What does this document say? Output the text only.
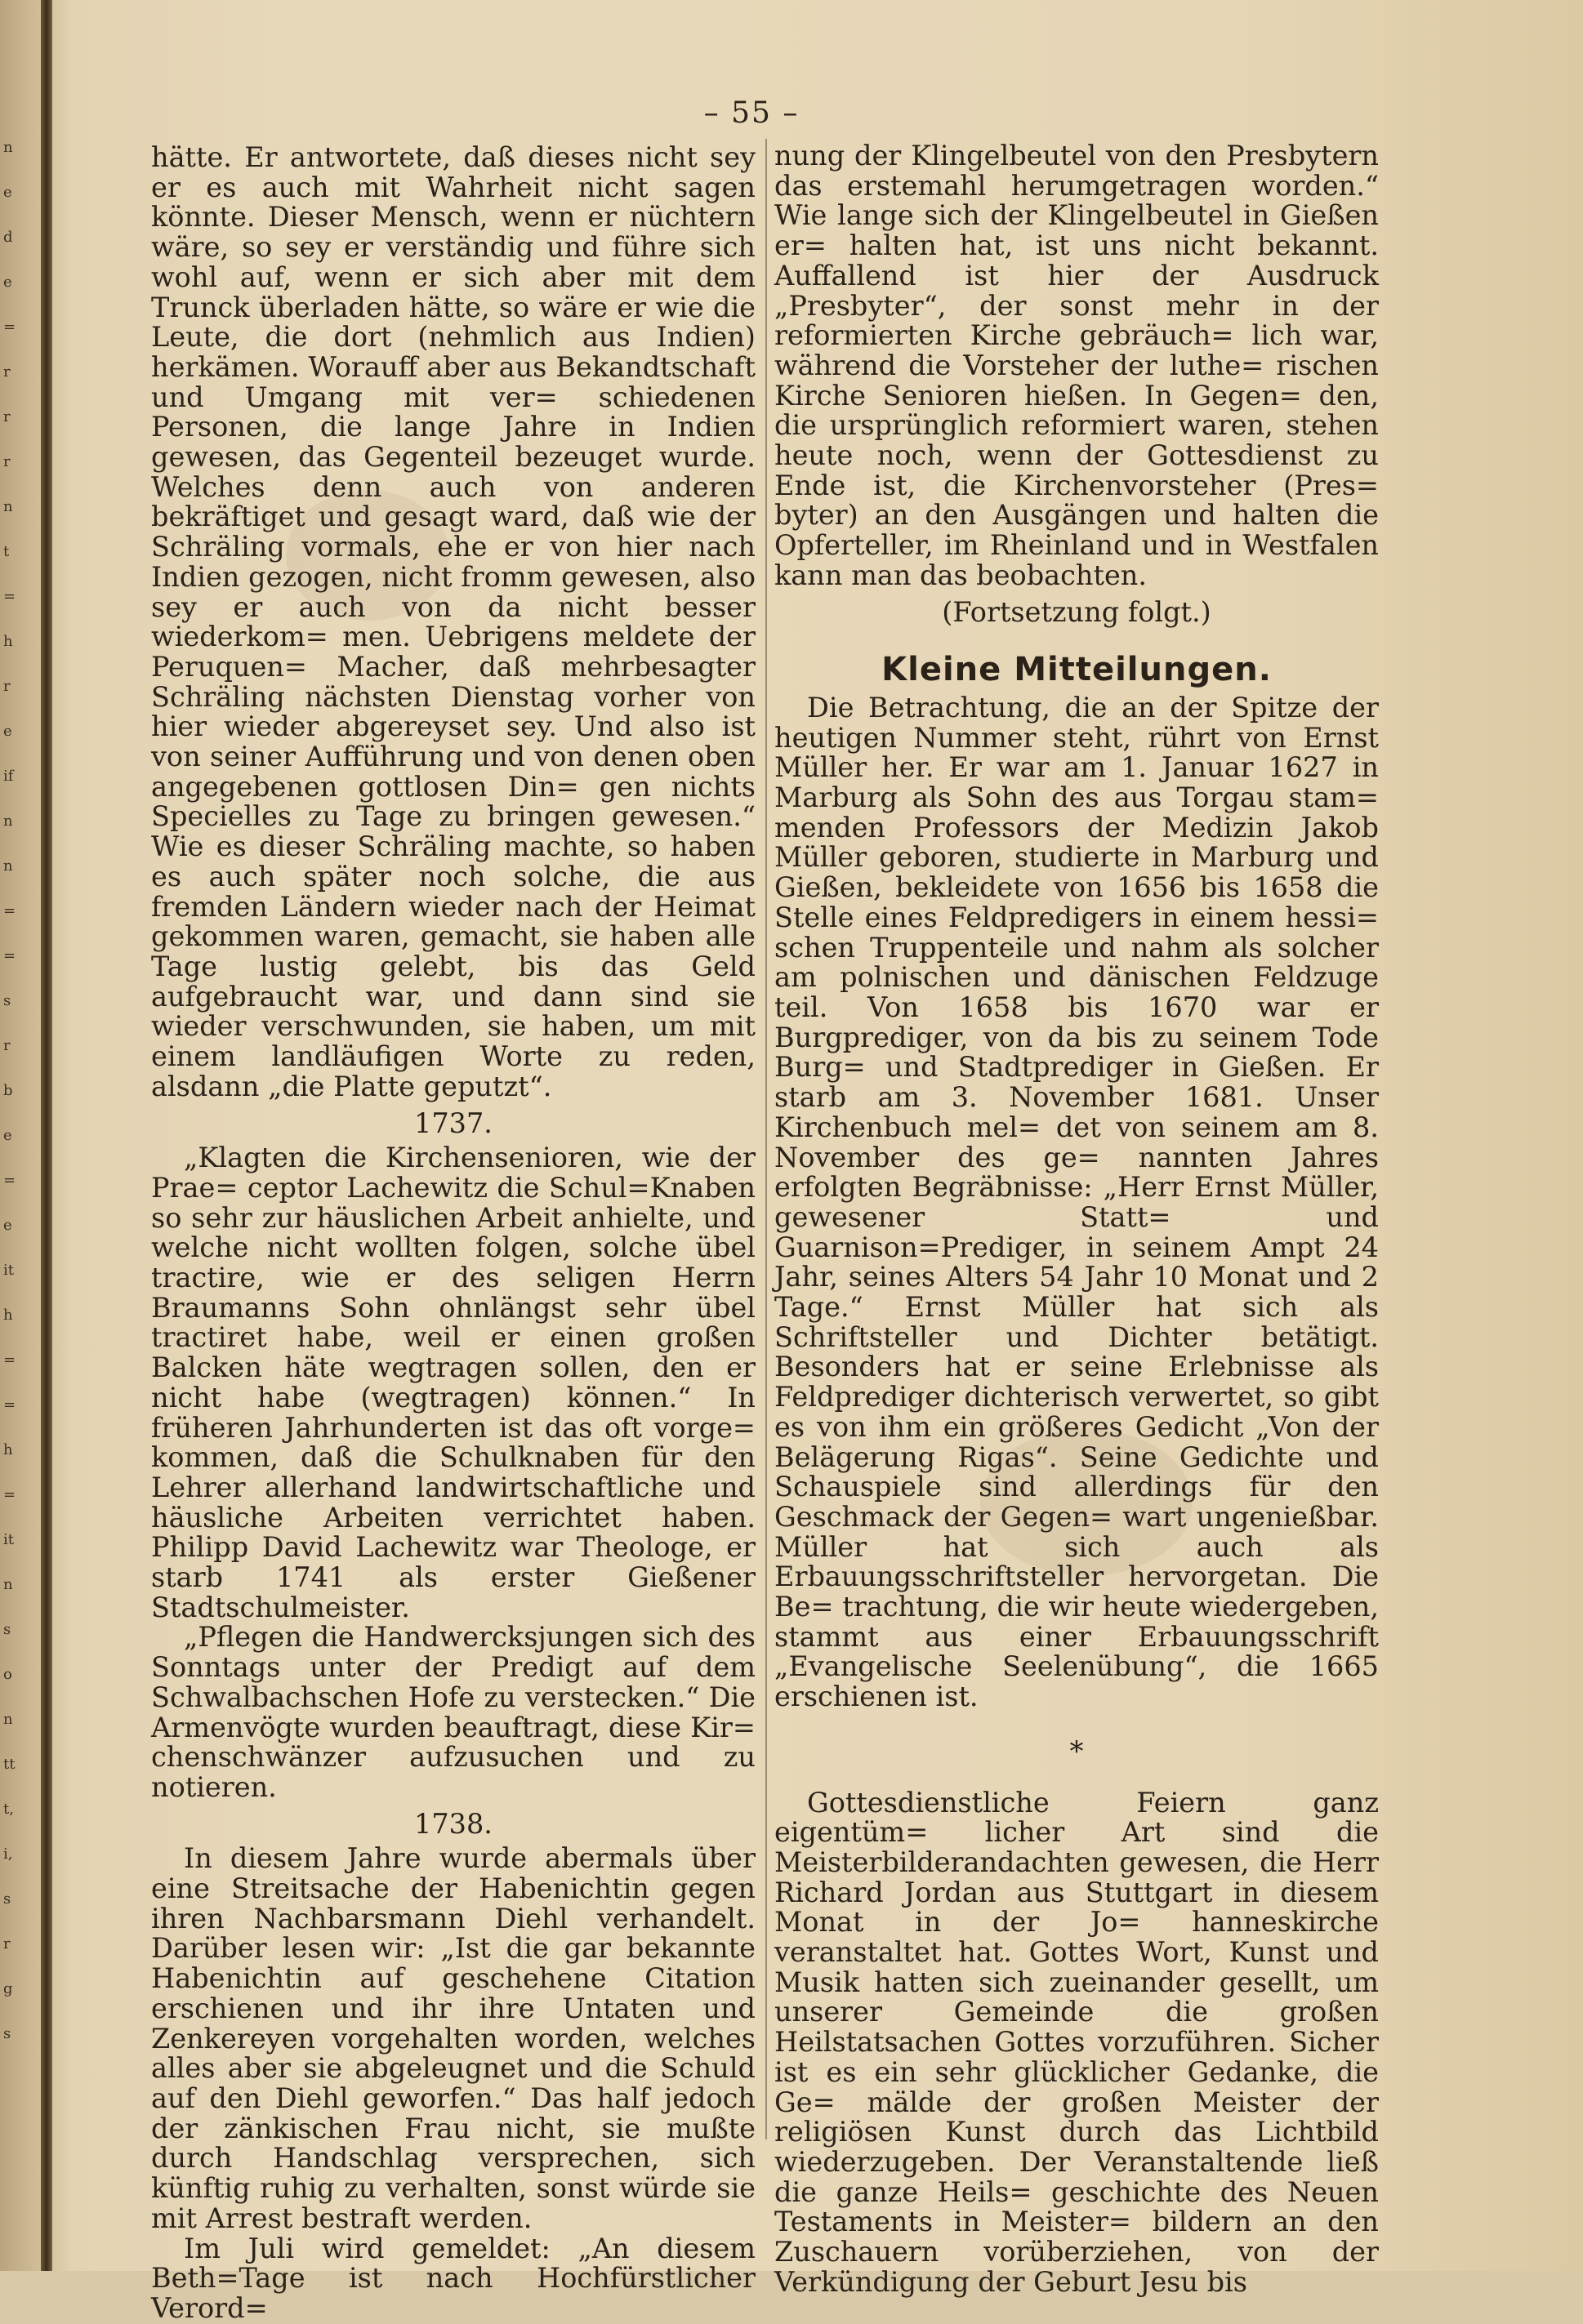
n
e
d
e
=
r
r
r
n
t
=
h
r
e
if
n
n
=
=
s
r
b
e
=
e
it
h
=
=
h
=
it
n
s
o
n
tt
t,
i,
s
r
g
s
– 55 –

hätte. Er antwortete, daß dieses nicht sey er es auch mit Wahrheit nicht sagen könnte. Dieser Mensch, wenn er nüchtern wäre, so sey er verständig und führe sich wohl auf, wenn er sich aber mit dem Trunck überladen hätte, so wäre er wie die Leute, die dort (nehmlich aus Indien) herkämen. Worauff aber aus Bekandtschaft und Umgang mit ver= schiedenen Personen, die lange Jahre in Indien gewesen, das Gegenteil bezeuget wurde. Welches denn auch von anderen bekräftiget und gesagt ward, daß wie der Schräling vormals, ehe er von hier nach Indien gezogen, nicht fromm gewesen, also sey er auch von da nicht besser wiederkom= men. Uebrigens meldete der Peruquen= Macher, daß mehrbesagter Schräling nächsten Dienstag vorher von hier wieder abgereyset sey. Und also ist von seiner Aufführung und von denen oben angegebenen gottlosen Din= gen nichts Specielles zu Tage zu bringen gewesen.“ Wie es dieser Schräling machte, so haben es auch später noch solche, die aus fremden Ländern wieder nach der Heimat gekommen waren, gemacht, sie haben alle Tage lustig gelebt, bis das Geld aufgebraucht war, und dann sind sie wieder verschwunden, sie haben, um mit einem landläufigen Worte zu reden, alsdann „die Platte geputzt“.

1737.

„Klagten die Kirchensenioren, wie der Prae= ceptor Lachewitz die Schul=Knaben so sehr zur häuslichen Arbeit anhielte, und welche nicht wollten folgen, solche übel tractire, wie er des seligen Herrn Braumanns Sohn ohnlängst sehr übel tractiret habe, weil er einen großen Balcken häte wegtragen sollen, den er nicht habe (wegtragen) können.“ In früheren Jahrhunderten ist das oft vorge= kommen, daß die Schulknaben für den Lehrer allerhand landwirtschaftliche und häusliche Arbeiten verrichtet haben. Philipp David Lachewitz war Theologe, er starb 1741 als erster Gießener Stadtschulmeister.

„Pflegen die Handwercksjungen sich des Sonntags unter der Predigt auf dem Schwalbachschen Hofe zu verstecken.“ Die Armenvögte wurden beauftragt, diese Kir= chenschwänzer aufzusuchen und zu notieren.

1738.

In diesem Jahre wurde abermals über eine Streitsache der Habenichtin gegen ihren Nachbarsmann Diehl verhandelt. Darüber lesen wir: „Ist die gar bekannte Habenichtin auf geschehene Citation erschienen und ihr ihre Untaten und Zenkereyen vorgehalten worden, welches alles aber sie abgeleugnet und die Schuld auf den Diehl geworfen.“ Das half jedoch der zänkischen Frau nicht, sie mußte durch Handschlag versprechen, sich künftig ruhig zu verhalten, sonst würde sie mit Arrest bestraft werden.

Im Juli wird gemeldet: „An diesem Beth=Tage ist nach Hochfürstlicher Verord=

nung der Klingelbeutel von den Presbytern das erstemahl herumgetragen worden.“ Wie lange sich der Klingelbeutel in Gießen er= halten hat, ist uns nicht bekannt. Auffallend ist hier der Ausdruck „Presbyter“, der sonst mehr in der reformierten Kirche gebräuch= lich war, während die Vorsteher der luthe= rischen Kirche Senioren hießen. In Gegen= den, die ursprünglich reformiert waren, stehen heute noch, wenn der Gottesdienst zu Ende ist, die Kirchenvorsteher (Pres= byter) an den Ausgängen und halten die Opferteller, im Rheinland und in Westfalen kann man das beobachten.

(Fortsetzung folgt.)

Kleine Mitteilungen.

Die Betrachtung, die an der Spitze der heutigen Nummer steht, rührt von Ernst Müller her. Er war am 1. Januar 1627 in Marburg als Sohn des aus Torgau stam= menden Professors der Medizin Jakob Müller geboren, studierte in Marburg und Gießen, bekleidete von 1656 bis 1658 die Stelle eines Feldpredigers in einem hessi= schen Truppenteile und nahm als solcher am polnischen und dänischen Feldzuge teil. Von 1658 bis 1670 war er Burgprediger, von da bis zu seinem Tode Burg= und Stadtprediger in Gießen. Er starb am 3. November 1681. Unser Kirchenbuch mel= det von seinem am 8. November des ge= nannten Jahres erfolgten Begräbnisse: „Herr Ernst Müller, gewesener Statt= und Guarnison=Prediger, in seinem Ampt 24 Jahr, seines Alters 54 Jahr 10 Monat und 2 Tage.“ Ernst Müller hat sich als Schriftsteller und Dichter betätigt. Besonders hat er seine Erlebnisse als Feldprediger dichterisch verwertet, so gibt es von ihm ein größeres Gedicht „Von der Belägerung Rigas“. Seine Gedichte und Schauspiele sind allerdings für den Geschmack der Gegen= wart ungenießbar. Müller hat sich auch als Erbauungsschriftsteller hervorgetan. Die Be= trachtung, die wir heute wiedergeben, stammt aus einer Erbauungsschrift „Evangelische Seelenübung“, die 1665 erschienen ist.

*

Gottesdienstliche Feiern ganz eigentüm= licher Art sind die Meisterbilderandachten gewesen, die Herr Richard Jordan aus Stuttgart in diesem Monat in der Jo= hanneskirche veranstaltet hat. Gottes Wort, Kunst und Musik hatten sich zueinander gesellt, um unserer Gemeinde die großen Heilstatsachen Gottes vorzuführen. Sicher ist es ein sehr glücklicher Gedanke, die Ge= mälde der großen Meister der religiösen Kunst durch das Lichtbild wiederzugeben. Der Veranstaltende ließ die ganze Heils= geschichte des Neuen Testaments in Meister= bildern an den Zuschauern vorüberziehen, von der Verkündigung der Geburt Jesu bis
